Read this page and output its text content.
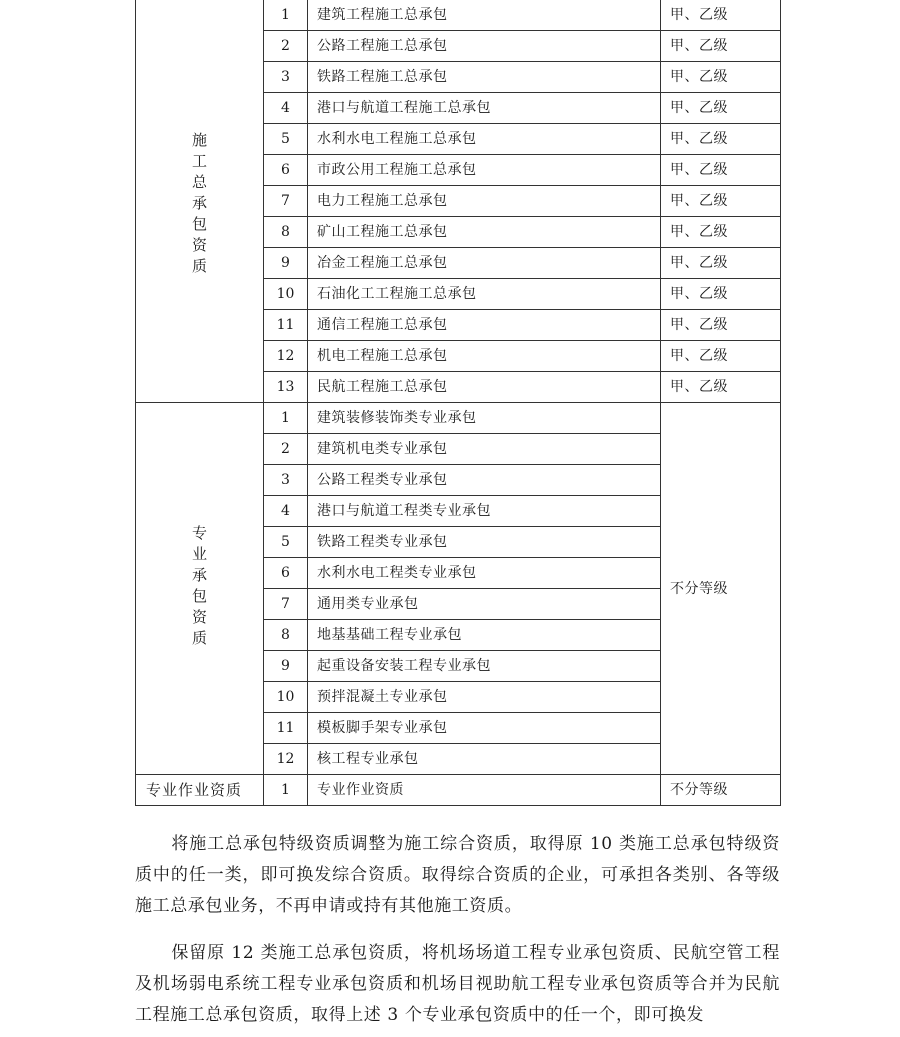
施工总承包资质	1	建筑工程施工总承包	甲、乙级
	2	公路工程施工总承包	甲、乙级
	3	铁路工程施工总承包	甲、乙级
	4	港口与航道工程施工总承包	甲、乙级
	5	水利水电工程施工总承包	甲、乙级
	6	市政公用工程施工总承包	甲、乙级
	7	电力工程施工总承包	甲、乙级
	8	矿山工程施工总承包	甲、乙级
	9	冶金工程施工总承包	甲、乙级
	10	石油化工工程施工总承包	甲、乙级
	11	通信工程施工总承包	甲、乙级
	12	机电工程施工总承包	甲、乙级
	13	民航工程施工总承包	甲、乙级
专业承包资质	1	建筑装修装饰类专业承包	不分等级
	2	建筑机电类专业承包	
	3	公路工程类专业承包	
	4	港口与航道工程类专业承包	
	5	铁路工程类专业承包	
	6	水利水电工程类专业承包	
	7	通用类专业承包	
	8	地基基础工程专业承包	
	9	起重设备安装工程专业承包	
	10	预拌混凝土专业承包	
	11	模板脚手架专业承包	
	12	核工程专业承包	
专业作业资质	1	专业作业资质	不分等级

将施工总承包特级资质调整为施工综合资质，取得原 10 类施工总承包特级资质中的任一类，即可换发综合资质。取得综合资质的企业，可承担各类别、各等级施工总承包业务，不再申请或持有其他施工资质。

保留原 12 类施工总承包资质，将机场场道工程专业承包资质、民航空管工程及机场弱电系统工程专业承包资质和机场目视助航工程专业承包资质等合并为民航工程施工总承包资质，取得上述 3 个专业承包资质中的任一个，即可换发
